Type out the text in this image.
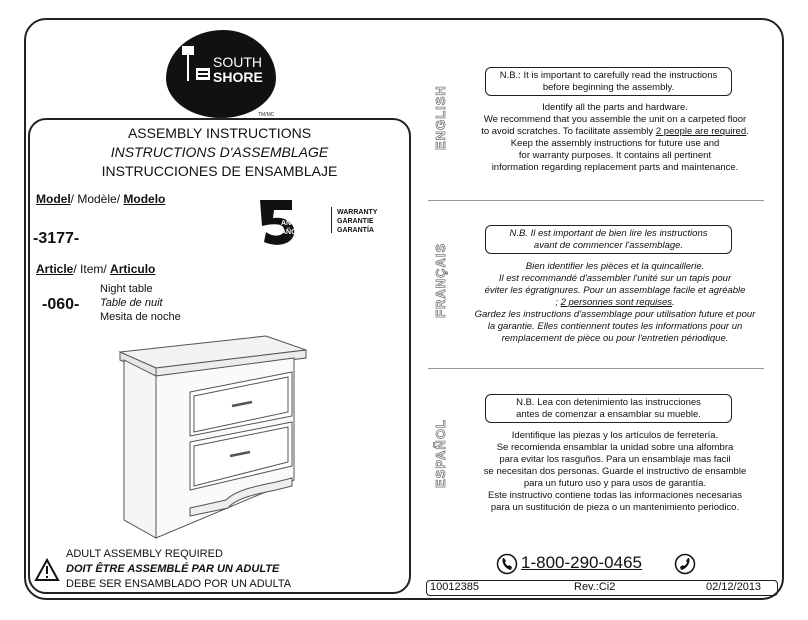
SOUTH
SHORE
TM/MC
ASSEMBLY INSTRUCTIONS
INSTRUCTIONS D'ASSEMBLAGE
INSTRUCCIONES DE ENSAMBLAJE
Model/ Modèle/ Modelo
-3177-
YEARS
ANS
AÑOS
WARRANTY
GARANTIE
GARANTÍA
Article/ Item/ Articulo
-060-
Night table
Table de nuit
Mesita de noche
ADULT ASSEMBLY REQUIRED
DOIT ÊTRE ASSEMBLÉ PAR UN ADULTE
DEBE SER ENSAMBLADO POR UN ADULTA
ENGLISH
N.B.: It is important to carefully read the instructions
before beginning the assembly.
Identify all the parts and hardware.
We recommend that you assemble the unit on a carpeted floor
to avoid scratches. To facilitate assembly 2 people are required.
Keep the assembly instructions for future use and
for warranty purposes. It contains all pertinent
information regarding replacement parts and maintenance.
FRANÇAIS
N.B. Il est important de bien lire les instructions
avant de commencer l'assemblage.
Bien identifier les pièces et la quincaillerie.
Il est recommandé d'assembler l'unité sur un tapis pour
éviter les égratignures. Pour un assemblage facile et agréable
; 2 personnes sont requises.
Gardez les instructions d'assemblage pour utilisation future et pour
la garantie. Elles contiennent toutes les informations pour un
remplacement de pièce ou pour l'entretien périodique.
ESPAÑOL
N.B. Lea con detenimiento las instrucciones
antes de comenzar a ensamblar su mueble.
Identifique las piezas y los artículos de ferretería.
Se recomienda ensamblar la unidad sobre una alfombra
para evitar los rasguños. Para un ensamblaje mas facil
se necesitan dos personas. Guarde el instructivo de ensamble
para un futuro uso y para usos de garantía.
Este instructivo contiene todas las informaciones necesarias
para un sustitución de pieza o un mantenimiento periodico.
1-800-290-0465
10012385	Rev.:Ci2	02/12/2013
